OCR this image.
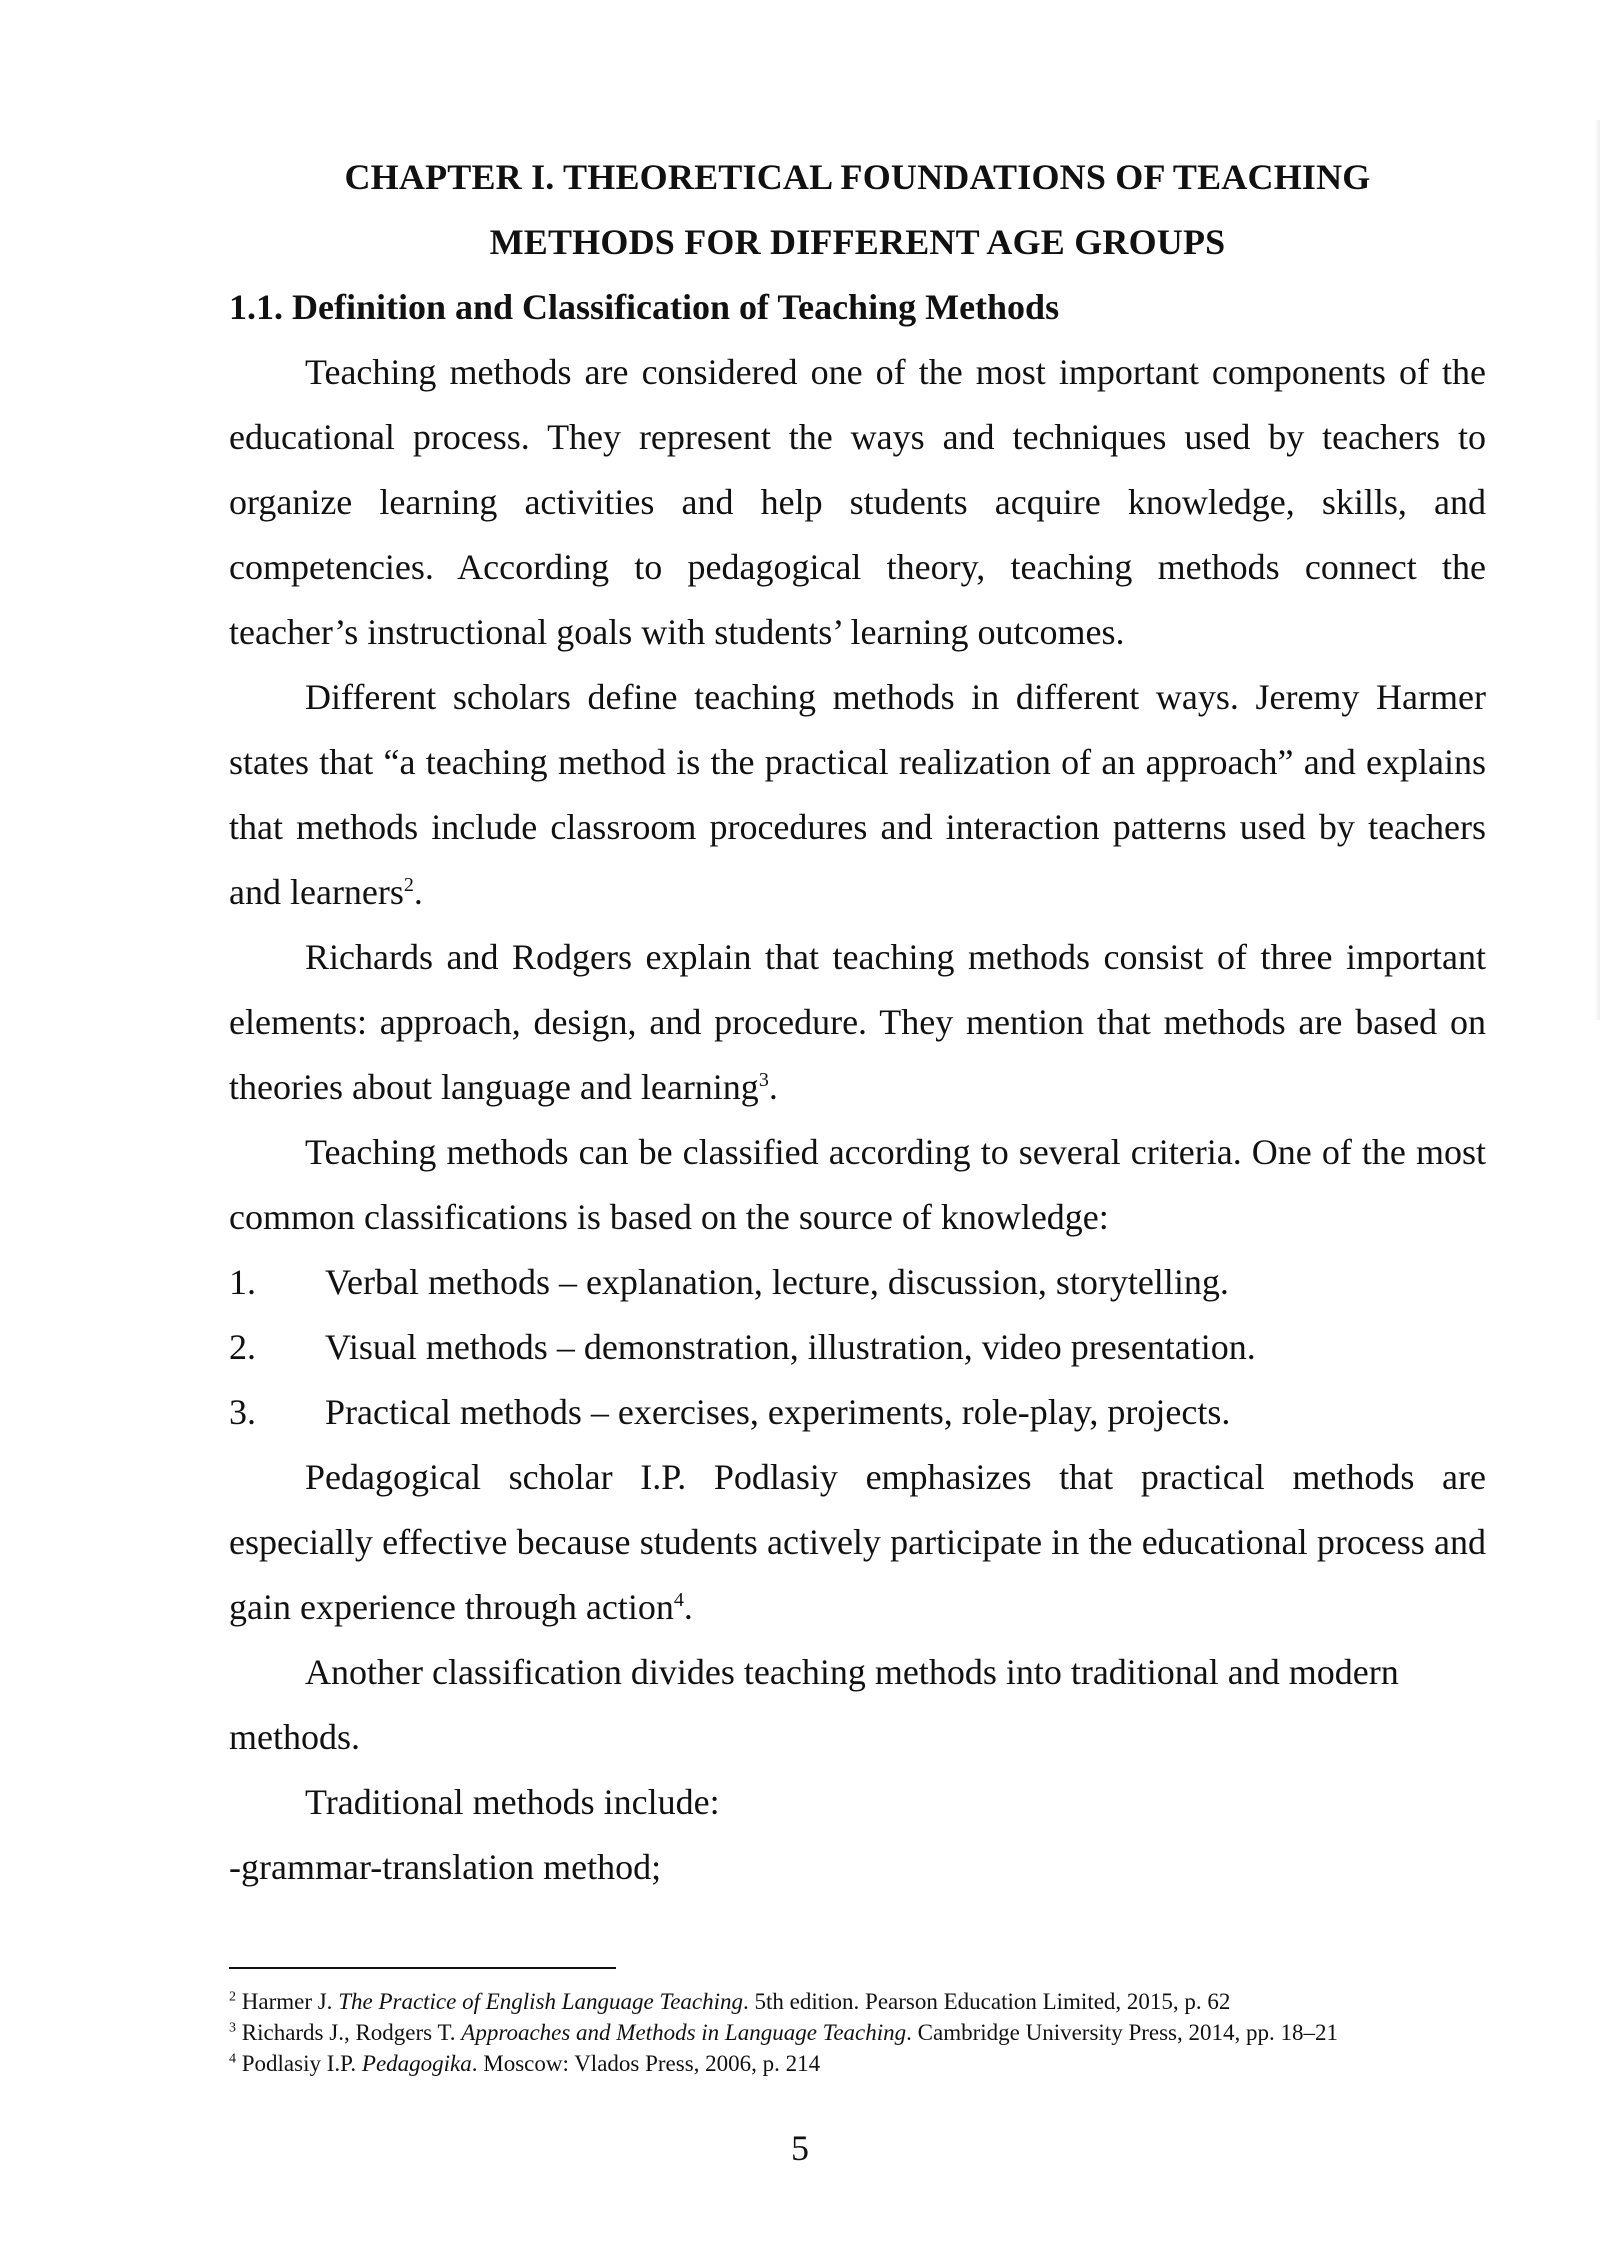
CHAPTER I. THEORETICAL FOUNDATIONS OF TEACHING

METHODS FOR DIFFERENT AGE GROUPS

1.1. Definition and Classification of Teaching Methods

Teaching methods are considered one of the most important components of the educational process. They represent the ways and techniques used by teachers to organize learning activities and help students acquire knowledge, skills, and competencies. According to pedagogical theory, teaching methods connect the teacher’s instructional goals with students’ learning outcomes.

Different scholars define teaching methods in different ways. Jeremy Harmer states that “a teaching method is the practical realization of an approach” and explains that methods include classroom procedures and interaction patterns used by teachers and learners$^2$.

Richards and Rodgers explain that teaching methods consist of three important elements: approach, design, and procedure. They mention that methods are based on theories about language and learning$^3$.

Teaching methods can be classified according to several criteria. One of the most common classifications is based on the source of knowledge:

1.	Verbal methods – explanation, lecture, discussion, storytelling.

2.	Visual methods – demonstration, illustration, video presentation.

3.	Practical methods – exercises, experiments, role-play, projects.

Pedagogical scholar I.P. Podlasiy emphasizes that practical methods are especially effective because students actively participate in the educational process and gain experience through action$^4$.

Another classification divides teaching methods into traditional and modern methods.

Traditional methods include:

-grammar-translation method;

$^2$ Harmer J. The Practice of English Language Teaching. 5th edition. Pearson Education Limited, 2015, p. 62

$^3$ Richards J., Rodgers T. Approaches and Methods in Language Teaching. Cambridge University Press, 2014, pp. 18–21

$^4$ Podlasiy I.P. Pedagogika. Moscow: Vlados Press, 2006, p. 214

5
